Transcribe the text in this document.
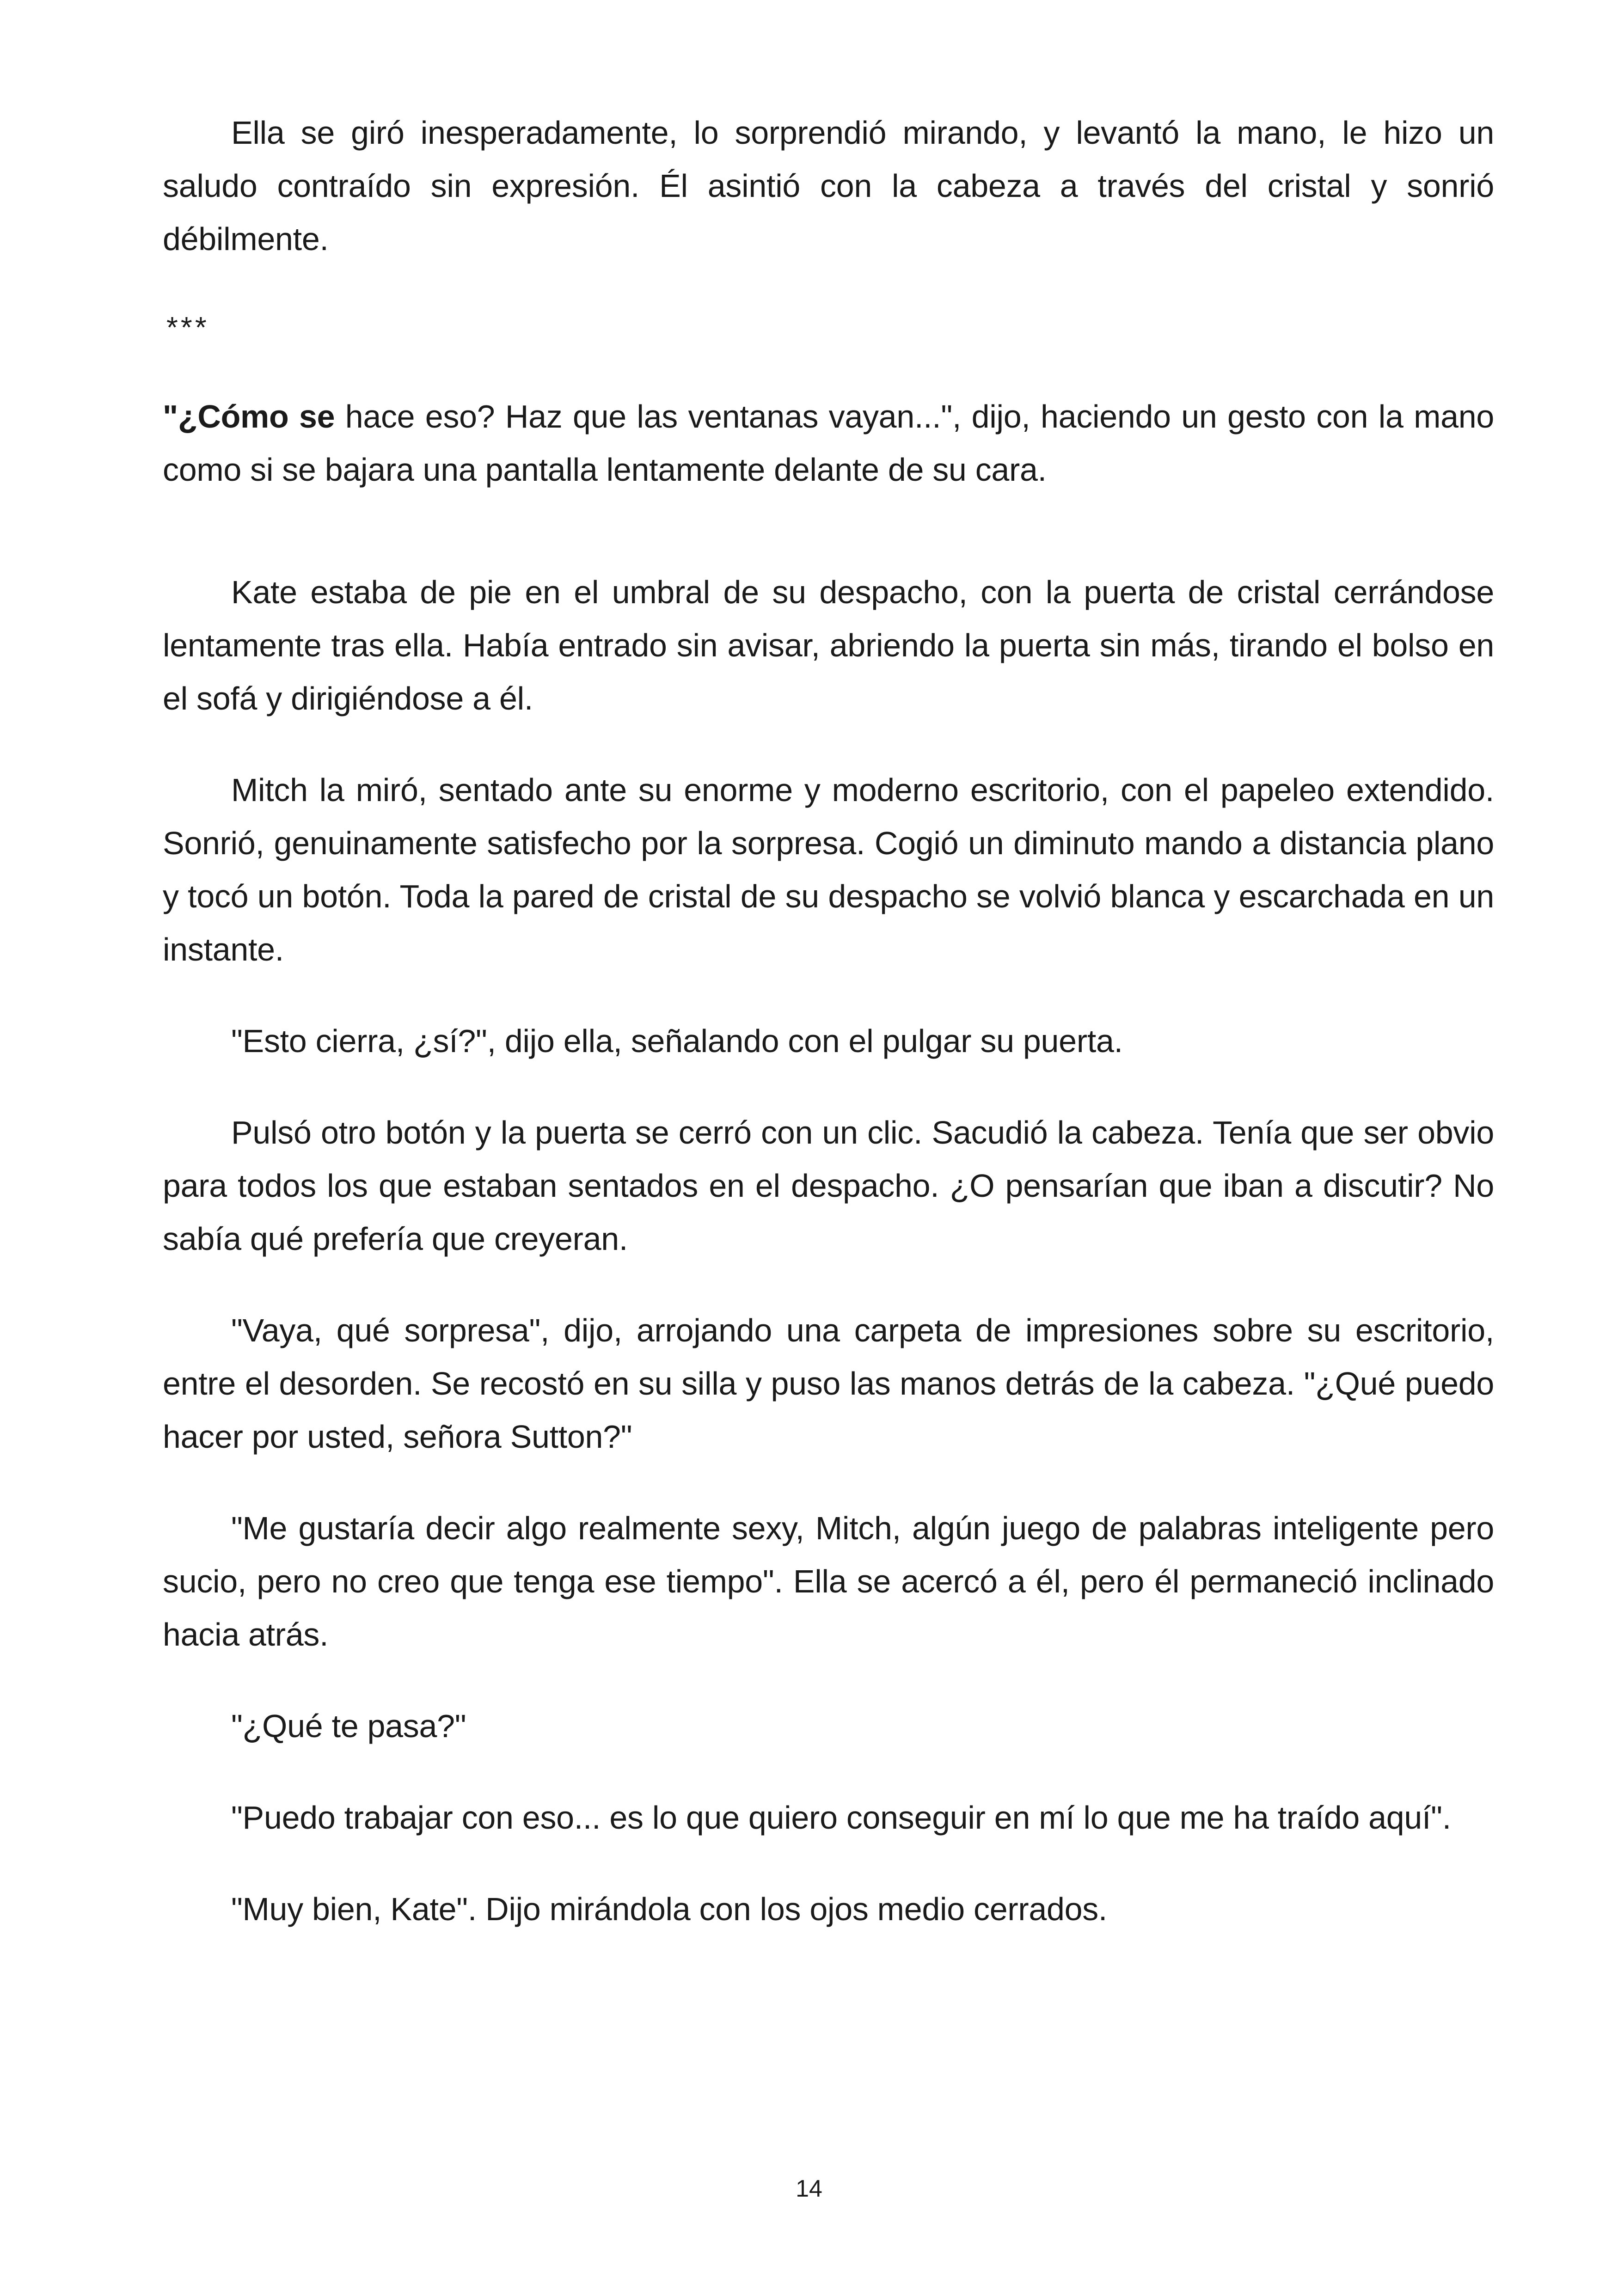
Ella se giró inesperadamente, lo sorprendió mirando, y levantó la mano, le hizo un saludo contraído sin expresión. Él asintió con la cabeza a través del cristal y sonrió débilmente.

***

"¿Cómo se hace eso? Haz que las ventanas vayan...", dijo, haciendo un gesto con la mano como si se bajara una pantalla lentamente delante de su cara.

Kate estaba de pie en el umbral de su despacho, con la puerta de cristal cerrándose lentamente tras ella. Había entrado sin avisar, abriendo la puerta sin más, tirando el bolso en el sofá y dirigiéndose a él.

Mitch la miró, sentado ante su enorme y moderno escritorio, con el papeleo extendido. Sonrió, genuinamente satisfecho por la sorpresa. Cogió un diminuto mando a distancia plano y tocó un botón. Toda la pared de cristal de su despacho se volvió blanca y escarchada en un instante.

"Esto cierra, ¿sí?", dijo ella, señalando con el pulgar su puerta.

Pulsó otro botón y la puerta se cerró con un clic. Sacudió la cabeza. Tenía que ser obvio para todos los que estaban sentados en el despacho. ¿O pensarían que iban a discutir? No sabía qué prefería que creyeran.

"Vaya, qué sorpresa", dijo, arrojando una carpeta de impresiones sobre su escritorio, entre el desorden. Se recostó en su silla y puso las manos detrás de la cabeza. "¿Qué puedo hacer por usted, señora Sutton?"

"Me gustaría decir algo realmente sexy, Mitch, algún juego de palabras inteligente pero sucio, pero no creo que tenga ese tiempo". Ella se acercó a él, pero él permaneció inclinado hacia atrás.

"¿Qué te pasa?"

"Puedo trabajar con eso... es lo que quiero conseguir en mí lo que me ha traído aquí".

"Muy bien, Kate". Dijo mirándola con los ojos medio cerrados.

14
